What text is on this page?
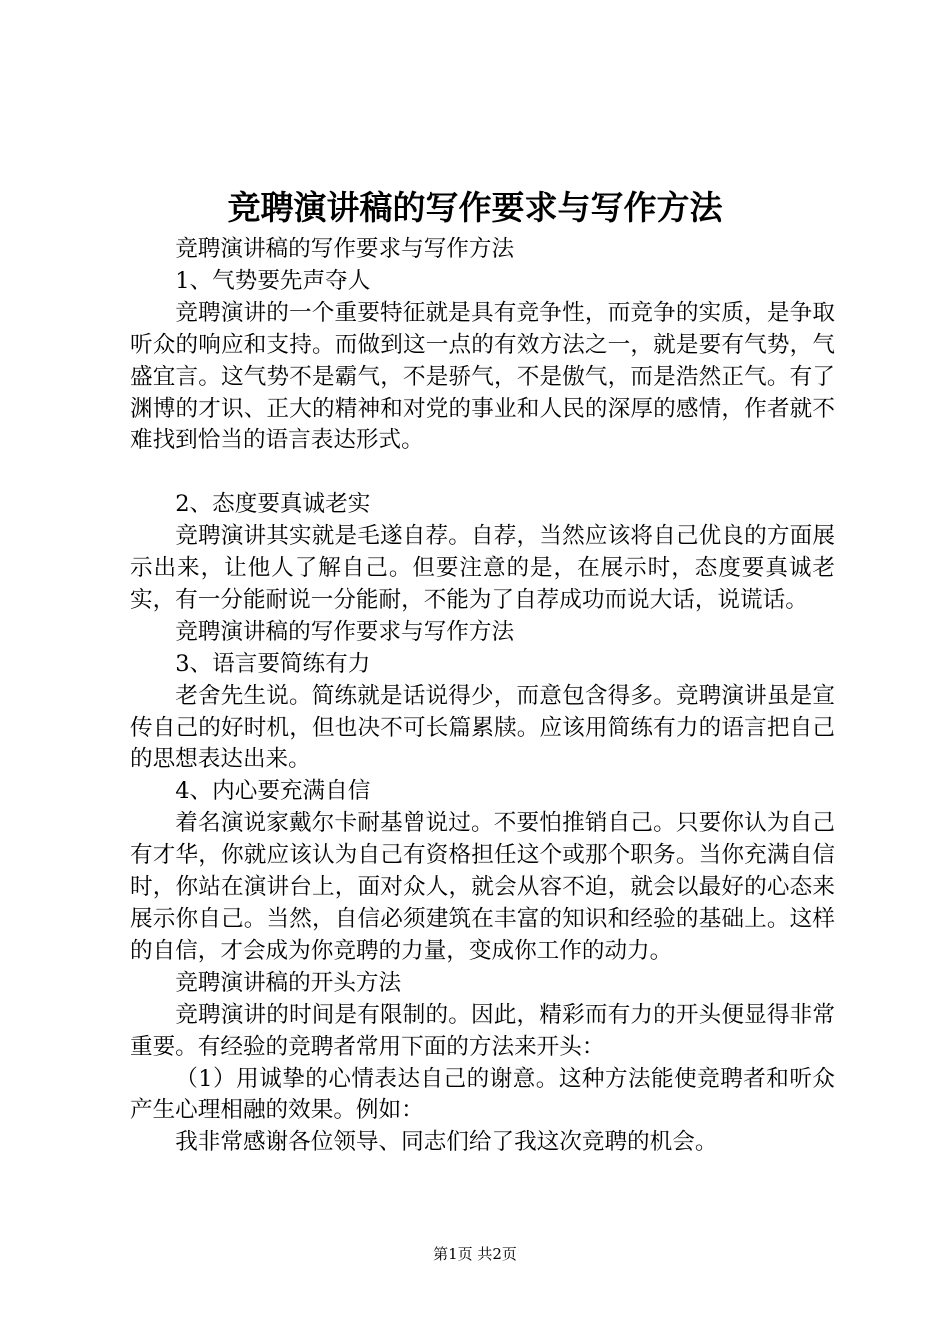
竞聘演讲稿的写作要求与写作方法

竞聘演讲稿的写作要求与写作方法

1、气势要先声夺人

竞聘演讲的一个重要特征就是具有竞争性，而竞争的实质，是争取听众的响应和支持。而做到这一点的有效方法之一，就是要有气势，气盛宜言。这气势不是霸气，不是骄气，不是傲气，而是浩然正气。有了渊博的才识、正大的精神和对党的事业和人民的深厚的感情，作者就不难找到恰当的语言表达形式。

2、态度要真诚老实

竞聘演讲其实就是毛遂自荐。自荐，当然应该将自己优良的方面展示出来，让他人了解自己。但要注意的是，在展示时，态度要真诚老实，有一分能耐说一分能耐，不能为了自荐成功而说大话，说谎话。

竞聘演讲稿的写作要求与写作方法

3、语言要简练有力

老舍先生说。简练就是话说得少，而意包含得多。竞聘演讲虽是宣传自己的好时机，但也决不可长篇累牍。应该用简练有力的语言把自己的思想表达出来。

4、内心要充满自信

着名演说家戴尔卡耐基曾说过。不要怕推销自己。只要你认为自己有才华，你就应该认为自己有资格担任这个或那个职务。当你充满自信时，你站在演讲台上，面对众人，就会从容不迫，就会以最好的心态来展示你自己。当然，自信必须建筑在丰富的知识和经验的基础上。这样的自信，才会成为你竞聘的力量，变成你工作的动力。

竞聘演讲稿的开头方法

竞聘演讲的时间是有限制的。因此，精彩而有力的开头便显得非常重要。有经验的竞聘者常用下面的方法来开头：

（1）用诚挚的心情表达自己的谢意。这种方法能使竞聘者和听众产生心理相融的效果。例如：

我非常感谢各位领导、同志们给了我这次竞聘的机会。

第1页 共2页
